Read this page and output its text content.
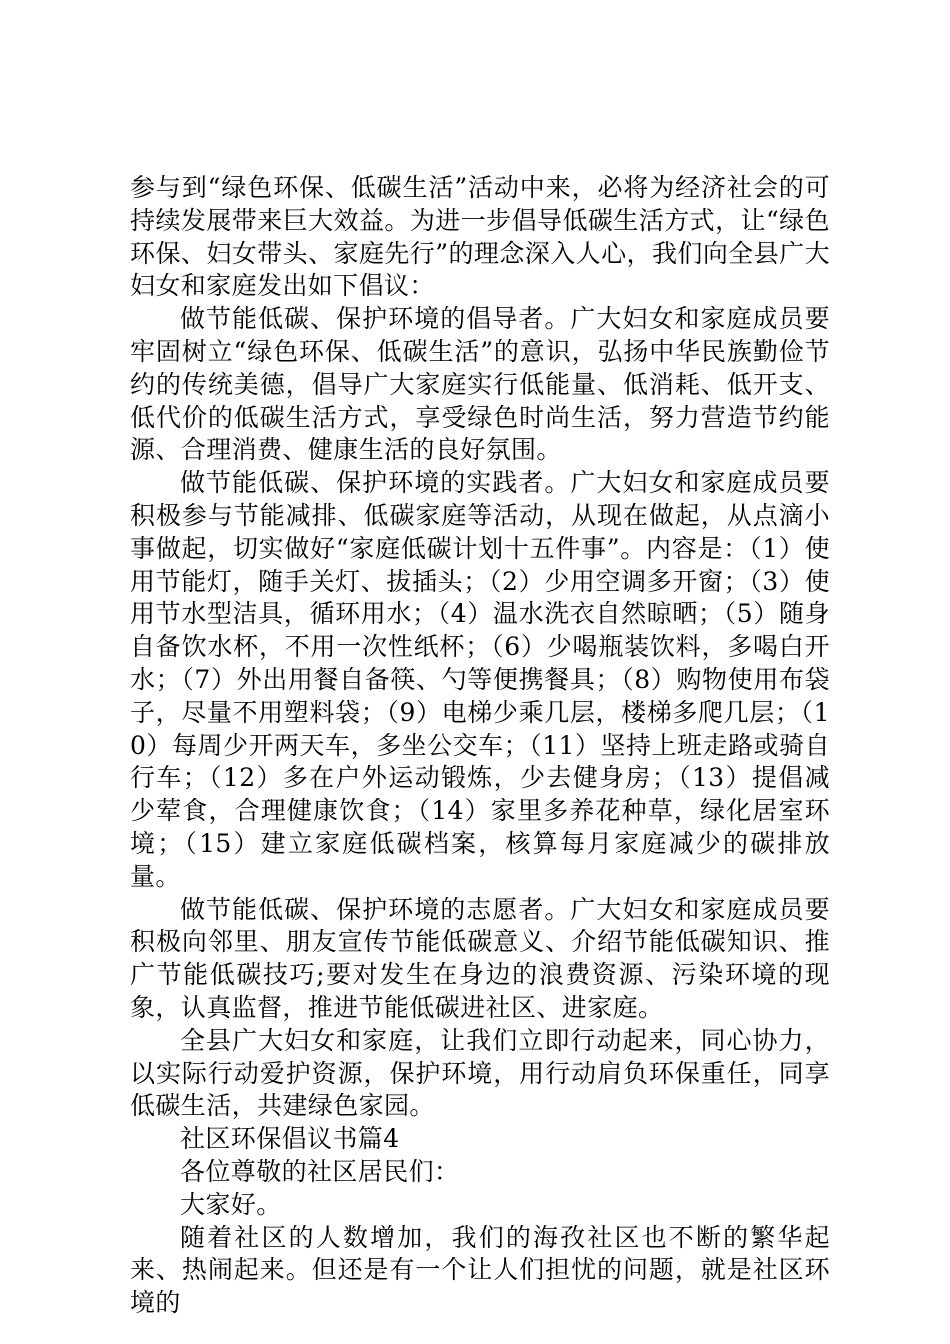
参与到“绿色环保、低碳生活”活动中来，必将为经济社会的可持续发展带来巨大效益。为进一步倡导低碳生活方式，让“绿色环保、妇女带头、家庭先行”的理念深入人心，我们向全县广大妇女和家庭发出如下倡议：

做节能低碳、保护环境的倡导者。广大妇女和家庭成员要牢固树立“绿色环保、低碳生活”的意识，弘扬中华民族勤俭节约的传统美德，倡导广大家庭实行低能量、低消耗、低开支、低代价的低碳生活方式，享受绿色时尚生活，努力营造节约能源、合理消费、健康生活的良好氛围。

做节能低碳、保护环境的实践者。广大妇女和家庭成员要积极参与节能减排、低碳家庭等活动，从现在做起，从点滴小事做起，切实做好“家庭低碳计划十五件事”。内容是：（1）使用节能灯，随手关灯、拔插头；（2）少用空调多开窗；（3）使用节水型洁具，循环用水；（4）温水洗衣自然晾晒；（5）随身自备饮水杯，不用一次性纸杯；（6）少喝瓶装饮料，多喝白开水；（7）外出用餐自备筷、勺等便携餐具；（8）购物使用布袋子，尽量不用塑料袋；（9）电梯少乘几层，楼梯多爬几层；（10）每周少开两天车，多坐公交车；（11）坚持上班走路或骑自行车；（12）多在户外运动锻炼，少去健身房；（13）提倡减少荤食，合理健康饮食；（14）家里多养花种草，绿化居室环境；（15）建立家庭低碳档案，核算每月家庭减少的碳排放量。

做节能低碳、保护环境的志愿者。广大妇女和家庭成员要积极向邻里、朋友宣传节能低碳意义、介绍节能低碳知识、推广节能低碳技巧;要对发生在身边的浪费资源、污染环境的现象，认真监督，推进节能低碳进社区、进家庭。

全县广大妇女和家庭，让我们立即行动起来，同心协力，以实际行动爱护资源，保护环境，用行动肩负环保重任，同享低碳生活，共建绿色家园。

社区环保倡议书篇4

各位尊敬的社区居民们：

大家好。

随着社区的人数增加，我们的海孜社区也不断的繁华起来、热闹起来。但还是有一个让人们担忧的问题，就是社区环境的
